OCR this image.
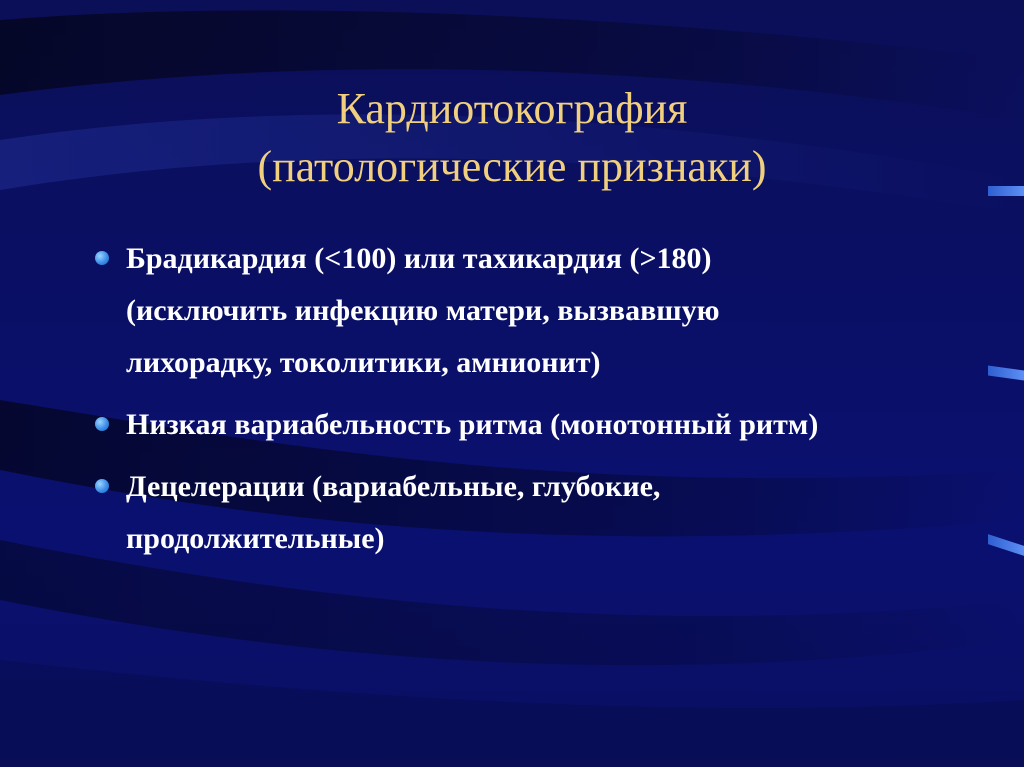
Кардиотокография
(патологические признаки)
Брадикардия (<100) или тахикардия (>180)
(исключить инфекцию матери, вызвавшую
лихорадку, токолитики, амнионит)
Низкая вариабельность ритма (монотонный ритм)
Децелерации (вариабельные, глубокие,
продолжительные)
